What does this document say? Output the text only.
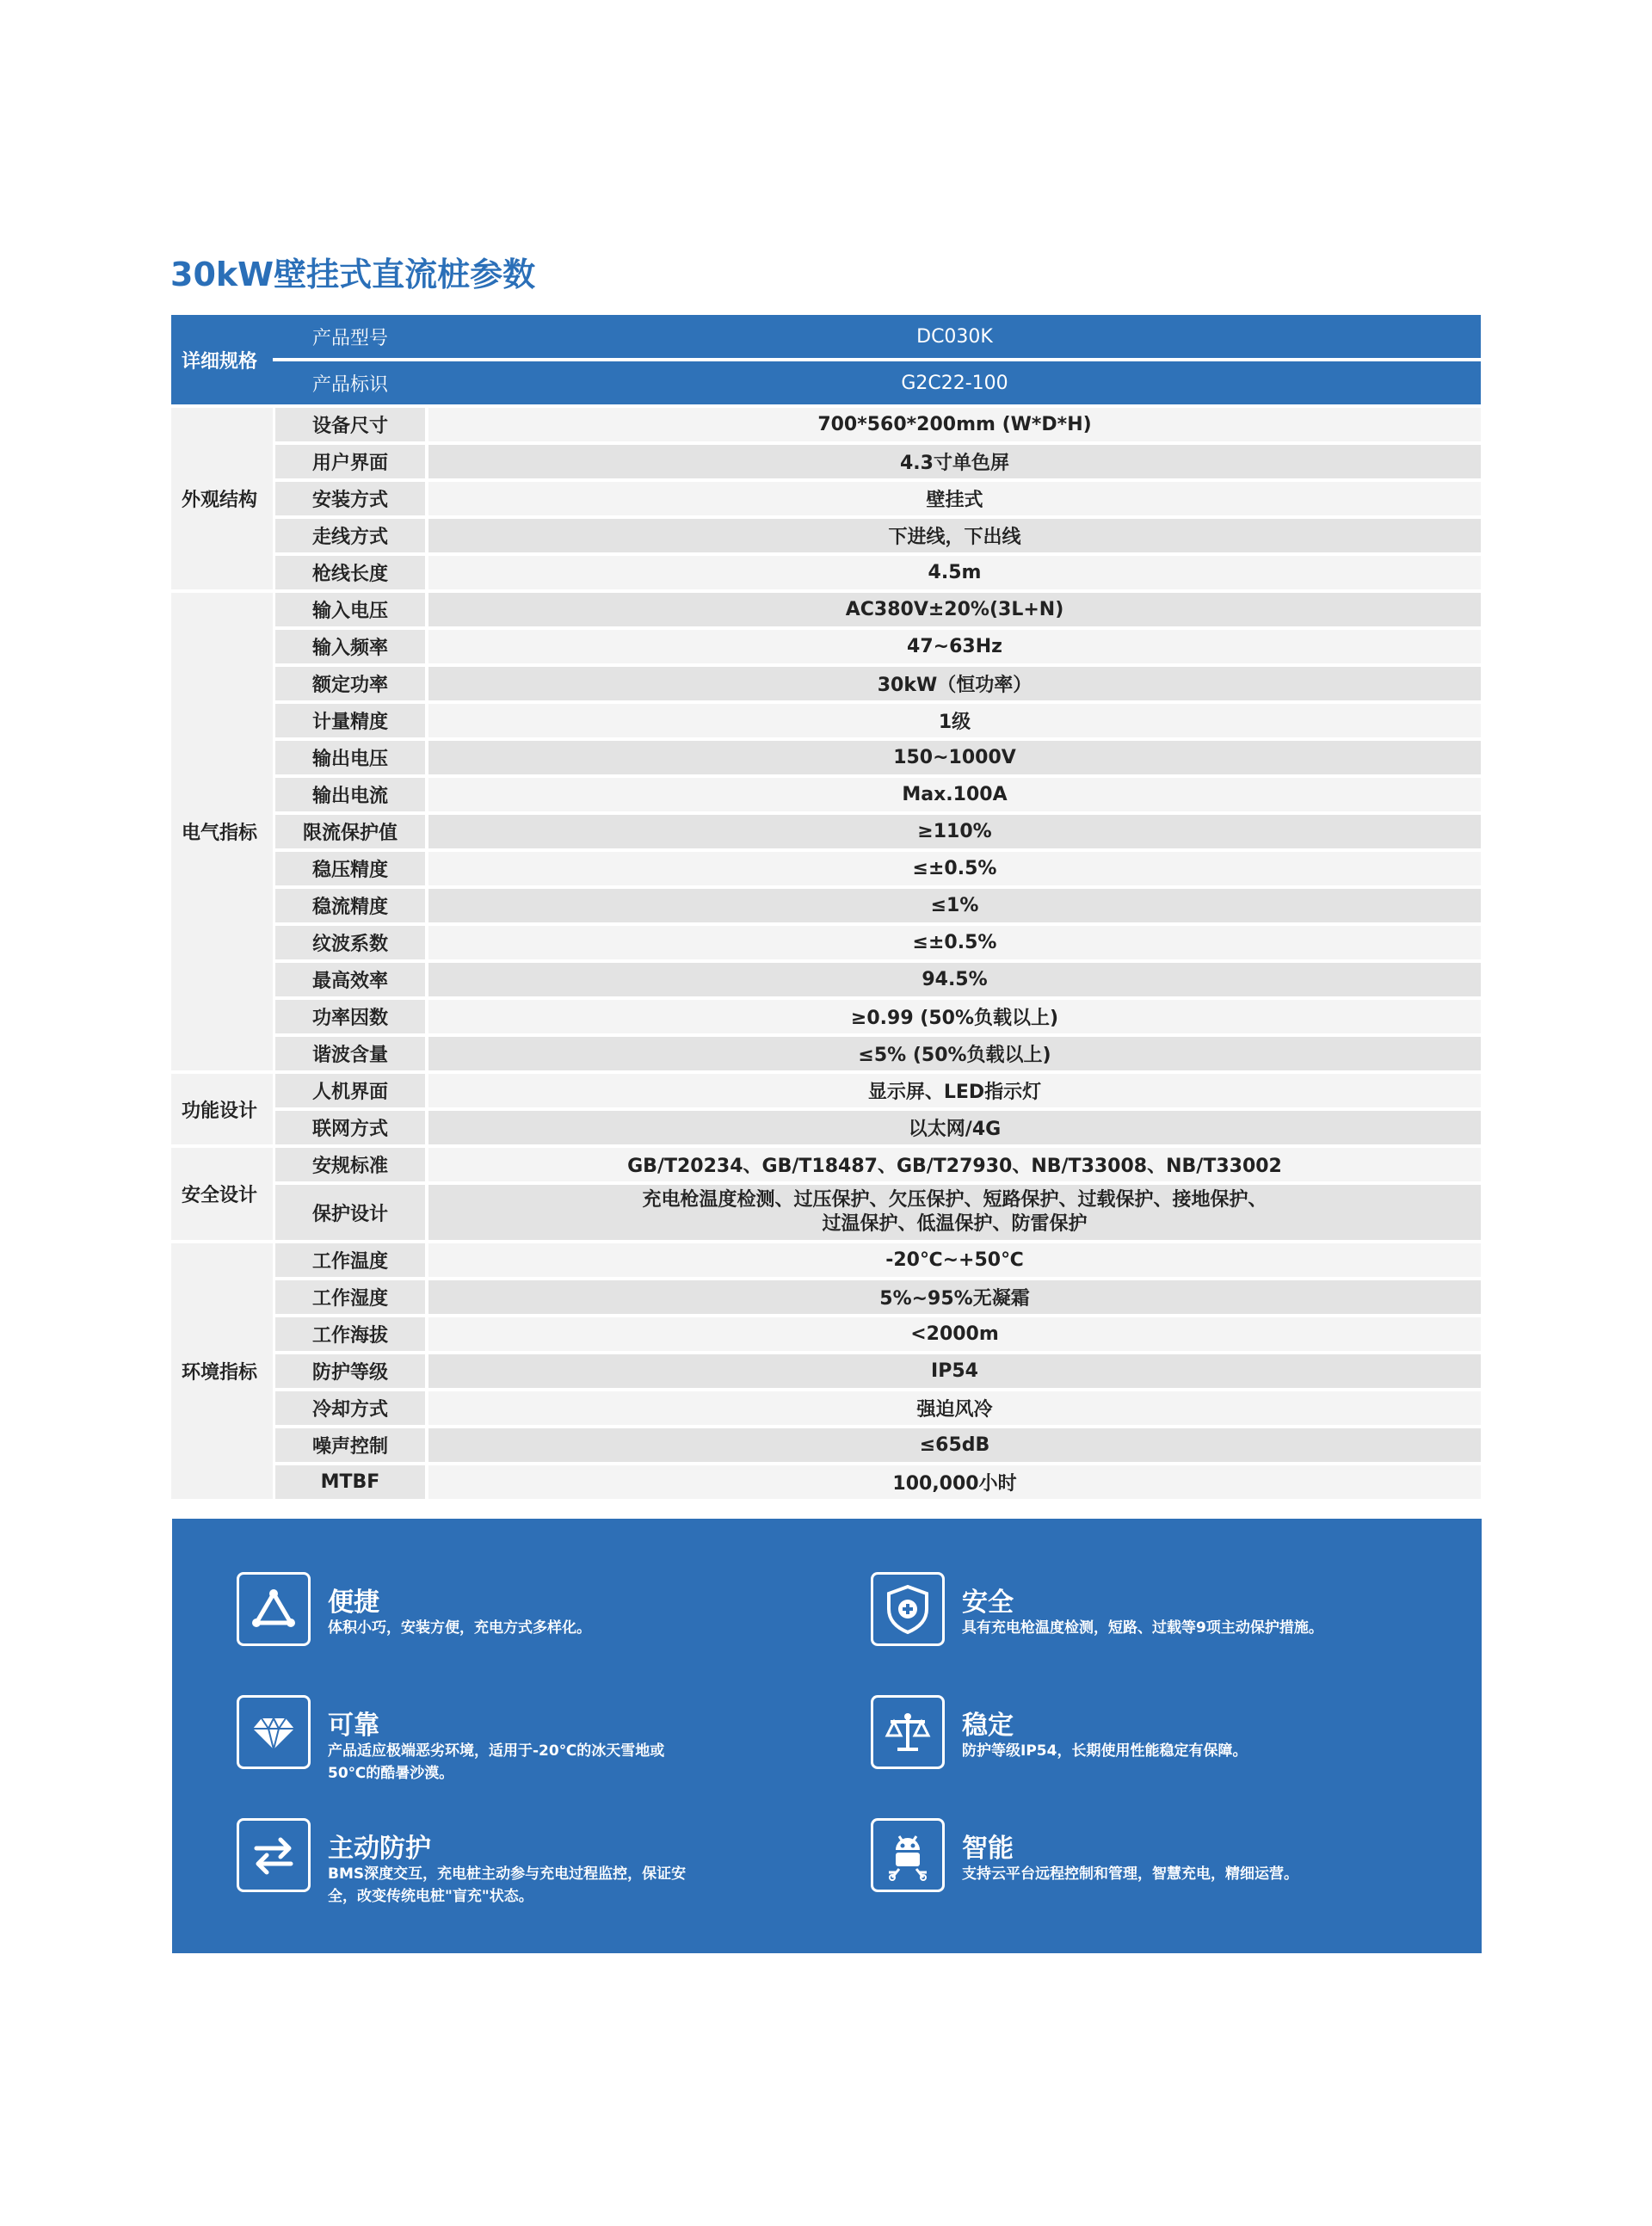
30kW壁挂式直流桩参数
详细规格		产品型号		DC030K
		产品标识		G2C22-100
外观结构		设备尺寸		700*560*200mm (W*D*H)
		用户界面		4.3寸单色屏
		安装方式		壁挂式
		走线方式		下进线，下出线
		枪线长度		4.5m
电气指标		输入电压		AC380V±20%(3L+N)
		输入频率		47~63Hz
		额定功率		30kW（恒功率）
		计量精度		1级
		输出电压		150~1000V
		输出电流		Max.100A
		限流保护值		≥110%
		稳压精度		≤±0.5%
		稳流精度		≤1%
		纹波系数		≤±0.5%
		最高效率		94.5%
		功率因数		≥0.99 (50%负载以上)
		谐波含量		≤5% (50%负载以上)
功能设计		人机界面		显示屏、LED指示灯
		联网方式		以太网/4G
安全设计		安规标准		GB/T20234、GB/T18487、GB/T27930、NB/T33008、NB/T33002
		保护设计		充电枪温度检测、过压保护、欠压保护、短路保护、过载保护、接地保护、
过温保护、低温保护、防雷保护

环境指标		工作温度		-20℃~+50℃
		工作湿度		5%~95%无凝霜
		工作海拔		<2000m
		防护等级		IP54
		冷却方式		强迫风冷
		噪声控制		≤65dB
		MTBF		100,000小时
便捷
体积小巧，安装方便，充电方式多样化。
安全
具有充电枪温度检测，短路、过载等9项主动保护措施。
可靠
产品适应极端恶劣环境，适用于-20℃的冰天雪地或50℃的酷暑沙漠。
稳定
防护等级IP54，长期使用性能稳定有保障。
主动防护
BMS深度交互，充电桩主动参与充电过程监控，保证安全，改变传统电桩"盲充"状态。
智能
支持云平台远程控制和管理，智慧充电，精细运营。
